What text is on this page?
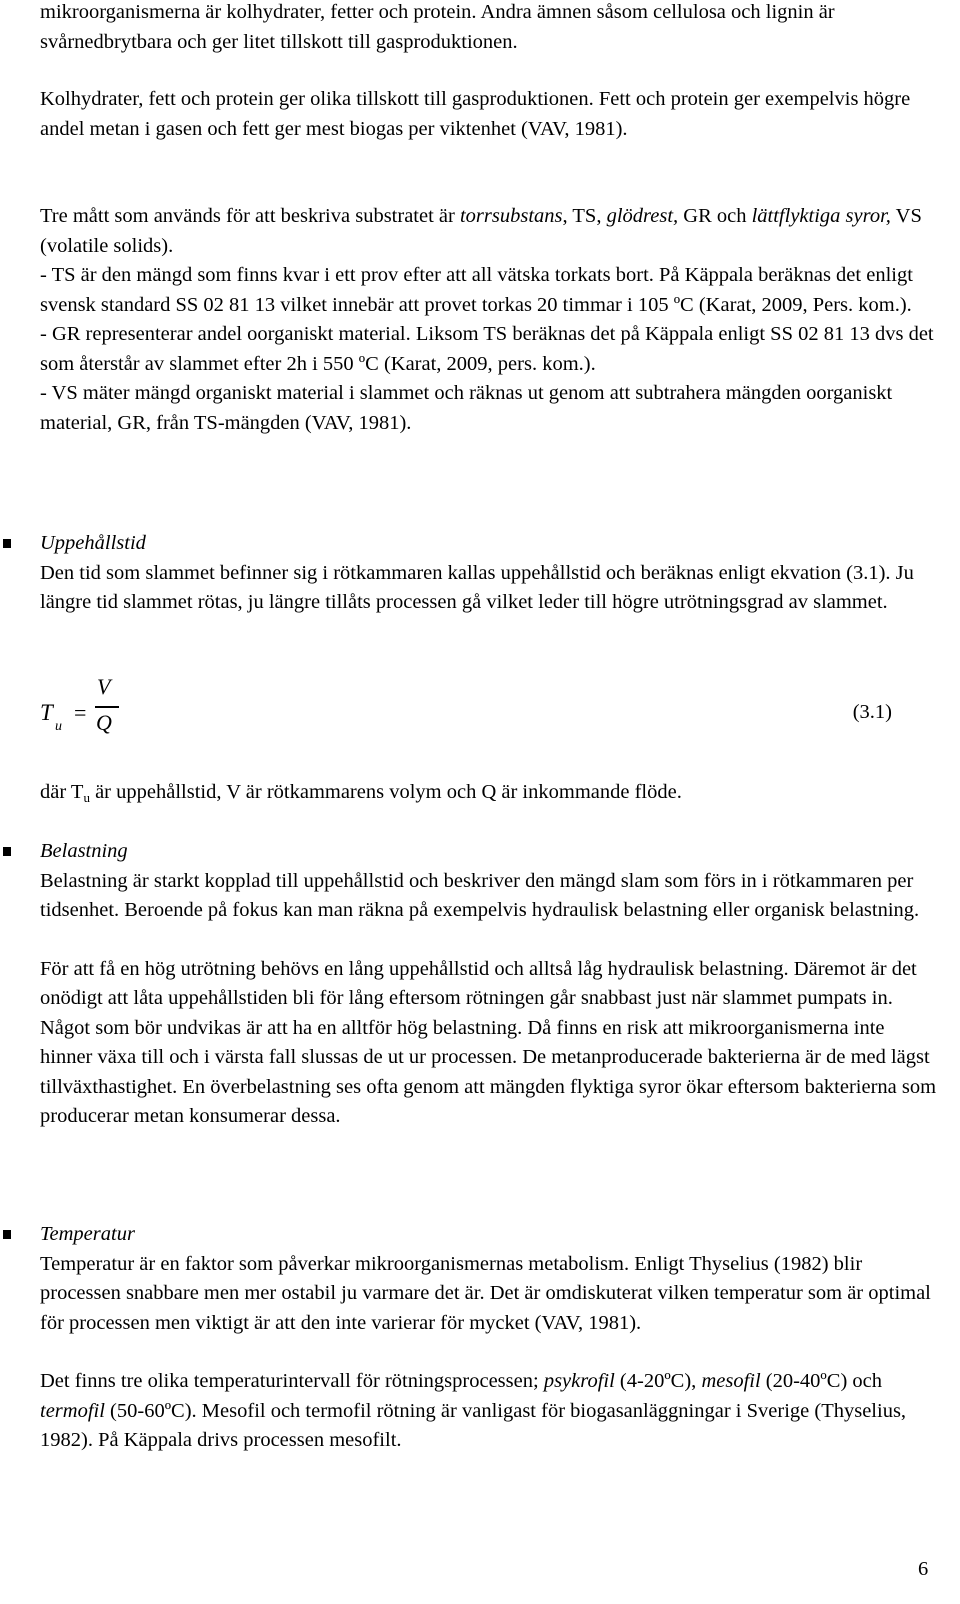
mikroorganismerna är kolhydrater, fetter och protein. Andra ämnen såsom cellulosa och lignin är svårnedbrytbara och ger litet tillskott till gasproduktionen.

Kolhydrater, fett och protein ger olika tillskott till gasproduktionen. Fett och protein ger exempelvis högre andel metan i gasen och fett ger mest biogas per viktenhet (VAV, 1981).

Tre mått som används för att beskriva substratet är torrsubstans, TS, glödrest, GR och lättflyktiga syror, VS (volatile solids).

- TS är den mängd som finns kvar i ett prov efter att all vätska torkats bort. På Käppala beräknas det enligt svensk standard SS 02 81 13 vilket innebär att provet torkas 20 timmar i 105 ºC (Karat, 2009, Pers. kom.).

- GR representerar andel oorganiskt material. Liksom TS beräknas det på Käppala enligt SS 02 81 13 dvs det som återstår av slammet efter 2h i 550 ºC (Karat, 2009, pers. kom.).

- VS mäter mängd organiskt material i slammet och räknas ut genom att subtrahera mängden oorganiskt material, GR, från TS-mängden (VAV, 1981).

Uppehållstid

Den tid som slammet befinner sig i rötkammaren kallas uppehållstid och beräknas enligt ekvation (3.1). Ju längre tid slammet rötas, ju längre tillåts processen gå vilket leder till högre utrötningsgrad av slammet.

T
u
=
V
Q	(3.1)

där $T_u$ är uppehållstid, V är rötkammarens volym och Q är inkommande flöde.

Belastning

Belastning är starkt kopplad till uppehållstid och beskriver den mängd slam som förs in i rötkammaren per tidsenhet. Beroende på fokus kan man räkna på exempelvis hydraulisk belastning eller organisk belastning.

För att få en hög utrötning behövs en lång uppehållstid och alltså låg hydraulisk belastning. Däremot är det onödigt att låta uppehållstiden bli för lång eftersom rötningen går snabbast just när slammet pumpats in. Något som bör undvikas är att ha en alltför hög belastning. Då finns en risk att mikroorganismerna inte hinner växa till och i värsta fall slussas de ut ur processen. De metanproducerade bakterierna är de med lägst tillväxthastighet. En överbelastning ses ofta genom att mängden flyktiga syror ökar eftersom bakterierna som producerar metan konsumerar dessa.

Temperatur

Temperatur är en faktor som påverkar mikroorganismernas metabolism. Enligt Thyselius (1982) blir processen snabbare men mer ostabil ju varmare det är. Det är omdiskuterat vilken temperatur som är optimal för processen men viktigt är att den inte varierar för mycket (VAV, 1981).

Det finns tre olika temperaturintervall för rötningsprocessen; psykrofil (4-20ºC), mesofil (20-40ºC) och termofil (50-60ºC). Mesofil och termofil rötning är vanligast för biogasanläggningar i Sverige (Thyselius, 1982). På Käppala drivs processen mesofilt.

6
